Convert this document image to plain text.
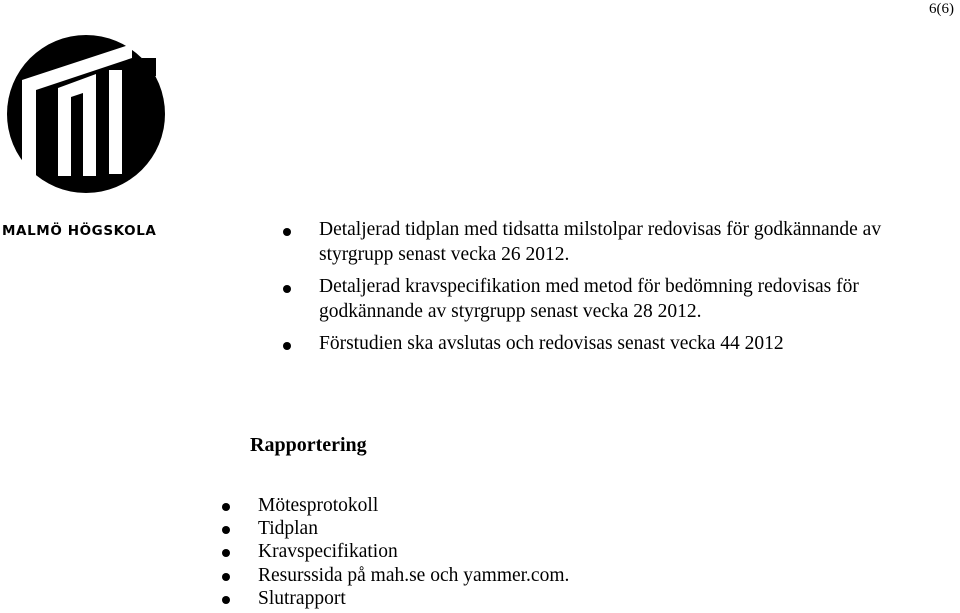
6(6)
MALMÖ HÖGSKOLA	Detaljerad tidplan med tidsatta milstolpar redovisas för godkännande av styrgrupp senast vecka 26 2012.
Detaljerad kravspecifikation med metod för bedömning redovisas för godkännande av styrgrupp senast vecka 28 2012.
Förstudien ska avslutas och redovisas senast vecka 44 2012
Rapportering
Mötesprotokoll
Tidplan
Kravspecifikation
Resurssida på mah.se och yammer.com.
Slutrapport
